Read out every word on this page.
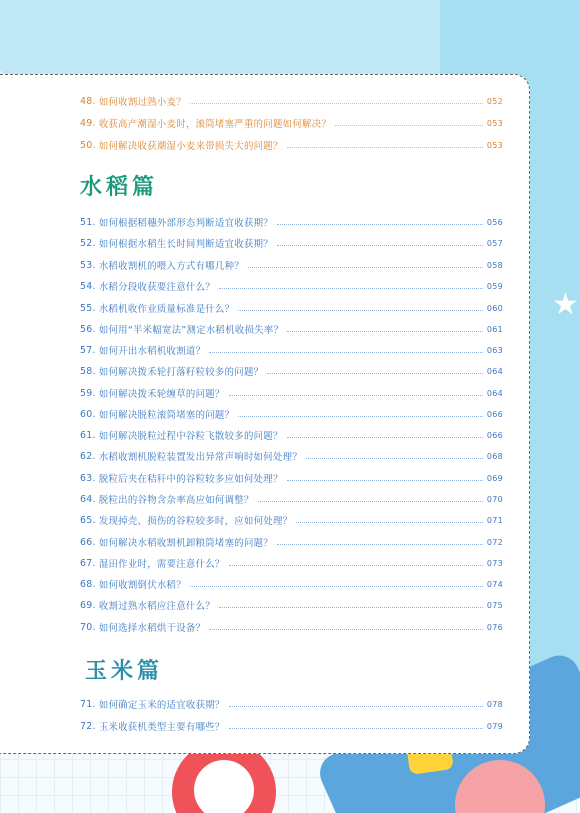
★
48. 如何收割过熟小麦？	052
49. 收获高产潮湿小麦时，滚筒堵塞严重的问题如何解决？	053
50. 如何解决收获潮湿小麦来带损失大的问题？	053
水稻篇
51. 如何根据稻穗外部形态判断适宜收获期？	056
52. 如何根据水稻生长时间判断适宜收获期？	057
53. 水稻收割机的喂入方式有哪几种？	058
54. 水稻分段收获要注意什么？	059
55. 水稻机收作业质量标准是什么？	060
56. 如何用“半米幅宽法”测定水稻机收损失率？	061
57. 如何开出水稻机收割道？	063
58. 如何解决拨禾轮打落籽粒较多的问题？	064
59. 如何解决拨禾轮缠草的问题？	064
60. 如何解决脱粒滚筒堵塞的问题？	066
61. 如何解决脱粒过程中谷粒飞散较多的问题？	066
62. 水稻收割机脱粒装置发出异常声响时如何处理？	068
63. 脱粒后夹在秸秆中的谷粒较多应如何处理？	069
64. 脱粒出的谷物含杂率高应如何调整？	070
65. 发现掉壳、损伤的谷粒较多时，应如何处理？	071
66. 如何解决水稻收割机卸粮筒堵塞的问题？	072
67. 湿田作业时，需要注意什么？	073
68. 如何收割倒伏水稻？	074
69. 收割过熟水稻应注意什么？	075
70. 如何选择水稻烘干设备？	076
玉米篇
71. 如何确定玉米的适宜收获期？	078
72. 玉米收获机类型主要有哪些？	079
